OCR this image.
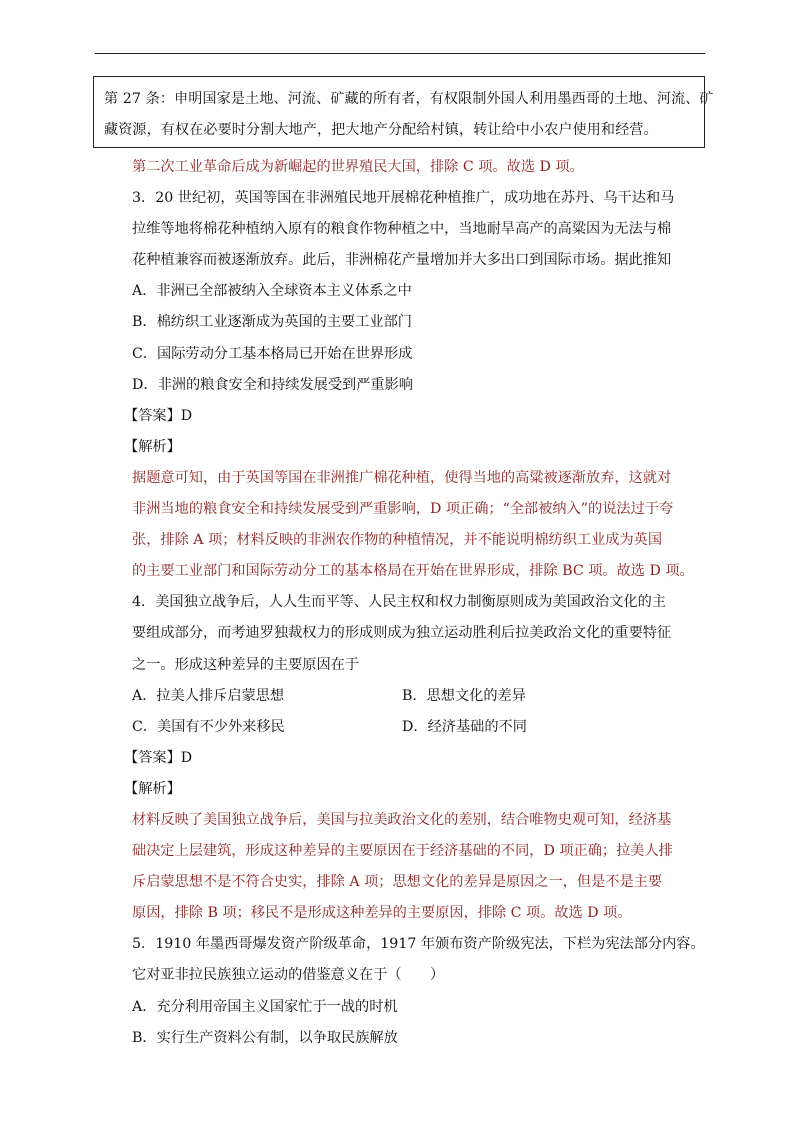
第 27 条：申明国家是土地、河流、矿藏的所有者，有权限制外国人利用墨西哥的土地、河流、矿
藏资源，有权在必要时分割大地产，把大地产分配给村镇，转让给中小农户使用和经营。
第二次工业革命后成为新崛起的世界殖民大国，排除 C 项。故选 D 项。
3．20 世纪初，英国等国在非洲殖民地开展棉花种植推广，成功地在苏丹、乌干达和马
拉维等地将棉花种植纳入原有的粮食作物种植之中，当地耐旱高产的高粱因为无法与棉
花种植兼容而被逐渐放弃。此后，非洲棉花产量增加并大多出口到国际市场。据此推知
A．非洲已全部被纳入全球资本主义体系之中
B．棉纺织工业逐渐成为英国的主要工业部门
C．国际劳动分工基本格局已开始在世界形成
D．非洲的粮食安全和持续发展受到严重影响
【答案】D
【解析】
据题意可知，由于英国等国在非洲推广棉花种植，使得当地的高粱被逐渐放弃，这就对
非洲当地的粮食安全和持续发展受到严重影响，D 项正确；“全部被纳入”的说法过于夸
张，排除 A 项；材料反映的非洲农作物的种植情况，并不能说明棉纺织工业成为英国
的主要工业部门和国际劳动分工的基本格局在开始在世界形成，排除 BC 项。故选 D 项。
4．美国独立战争后，人人生而平等、人民主权和权力制衡原则成为美国政治文化的主
要组成部分，而考迪罗独裁权力的形成则成为独立运动胜利后拉美政治文化的重要特征
之一。形成这种差异的主要原因在于
A．拉美人排斥启蒙思想	B．思想文化的差异
C．美国有不少外来移民	D．经济基础的不同
【答案】D
【解析】
材料反映了美国独立战争后，美国与拉美政治文化的差别，结合唯物史观可知，经济基
础决定上层建筑，形成这种差异的主要原因在于经济基础的不同，D 项正确；拉美人排
斥启蒙思想不是不符合史实，排除 A 项；思想文化的差异是原因之一，但是不是主要
原因，排除 B 项；移民不是形成这种差异的主要原因，排除 C 项。故选 D 项。
5．1910 年墨西哥爆发资产阶级革命，1917 年颁布资产阶级宪法，下栏为宪法部分内容。
它对亚非拉民族独立运动的借鉴意义在于（　　）
A．充分利用帝国主义国家忙于一战的时机
B．实行生产资料公有制，以争取民族解放
